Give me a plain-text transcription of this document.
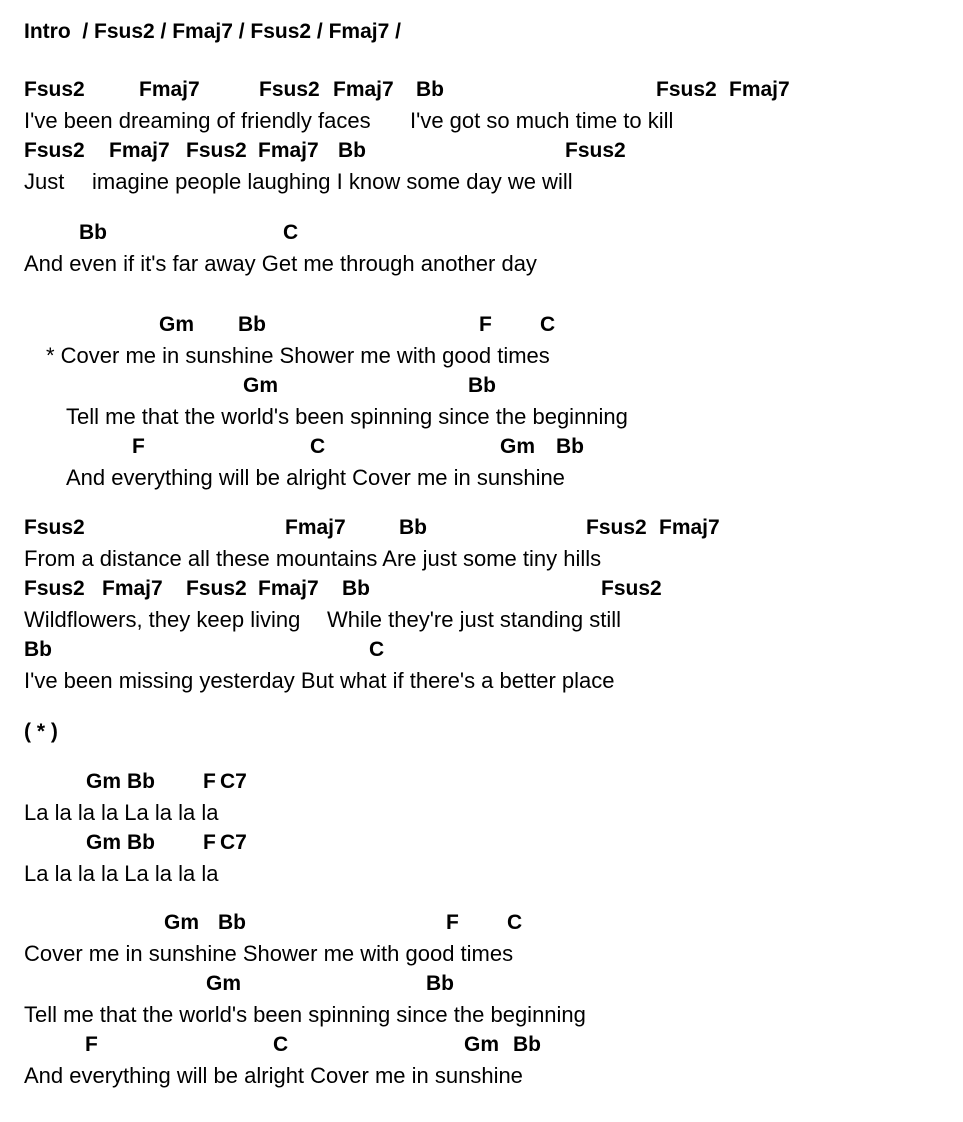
Intro  / Fsus2 / Fmaj7 / Fsus2 / Fmaj7 /
Fsus2	Fmaj7	Fsus2 Fmaj7 Bb	Fsus2 Fmaj7
I've been dreaming of friendly faces I've got so much time to kill
Fsus2 Fmaj7 Fsus2 Fmaj7 Bb	Fsus2
Just imagine people laughing I know some day we will
Bb	C
And even if it's far away Get me through another day
Gm Bb	F C
* Cover me in sunshine Shower me with good times
Gm	Bb
Tell me that the world's been spinning since the beginning
F	C	Gm Bb
And everything will be alright Cover me in sunshine
Fsus2	Fmaj7	Bb	Fsus2 Fmaj7
From a distance all these mountains Are just some tiny hills
Fsus2 Fmaj7 Fsus2 Fmaj7 Bb	Fsus2
Wildflowers, they keep living While they're just standing still
Bb	C
I've been missing yesterday But what if there's a better place
( * )
Gm Bb F C7
La la la la La la la la
Gm Bb F C7
La la la la La la la la
Gm Bb	F C
Cover me in sunshine Shower me with good times
Gm	Bb
Tell me that the world's been spinning since the beginning
F	C	Gm Bb
And everything will be alright Cover me in sunshine
